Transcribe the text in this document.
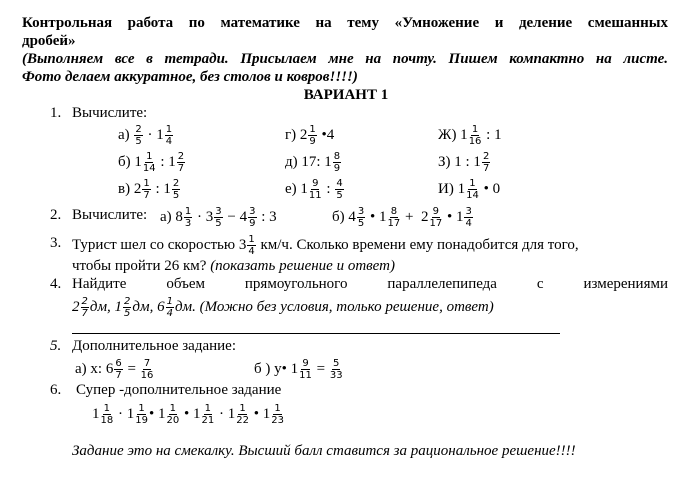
Контрольная работа по математике на тему «Умножение и деление смешанных
дробей»
(Выполняем все в тетради. Присылаем мне на почту. Пишем компактно на листе.
Фото делаем аккуратное, без столов и ковров!!!!)
ВАРИАНТ 1
1. Вычислите:
$а) \frac{2}{5} \cdot 1 \frac{1}{4}$	г) $2 \frac{1}{9}$ •4	Ж) $1 \frac{1}{16}$ : 1
б) $1 \frac{1}{14}$ : $1 \frac{2}{7}$	д) 17: $1 \frac{8}{9}$	З) 1 : $1 \frac{2}{7}$
в) $2 \frac{1}{7}$ : $1 \frac{2}{5}$	е) $1 \frac{9}{11}$ : $\frac{4}{5}$	И) $1 \frac{1}{14}$ • 0
2. Вычислите: а) $8 \frac{1}{3} \cdot 3 \frac{3}{5} - 4 \frac{3}{9}$ : 3	б) $4 \frac{3}{5}$ • $1 \frac{8}{17} + 2 \frac{9}{17}$ • $1 \frac{3}{4}$
3. Турист шел со скоростью $3 \frac{1}{4} км/ч$. Сколько времени ему понадобится для того,
чтобы пройти 26 км? (показать решение и ответ)
4. Найдите объем прямоугольного параллелепипеда с измерениями
$2 \frac{2}{7}$ дм, $1 \frac{2}{5}$ дм, $6 \frac{1}{4}$ дм. (Можно без условия, только решение, ответ)
5. Дополнительное задание:
а) x: $6 \frac{6}{7} = \frac{7}{16}$	б ) у• $1 \frac{9}{11} = \frac{5}{33}$
6. Супер -дополнительное задание
$1 \frac{1}{18} \cdot 1 \frac{1}{19}$ • $1 \frac{1}{20}$ • $1 \frac{1}{21} \cdot 1 \frac{1}{22}$ • $1 \frac{1}{23}$
Задание это на смекалку. Высший балл ставится за рациональное решение!!!!
